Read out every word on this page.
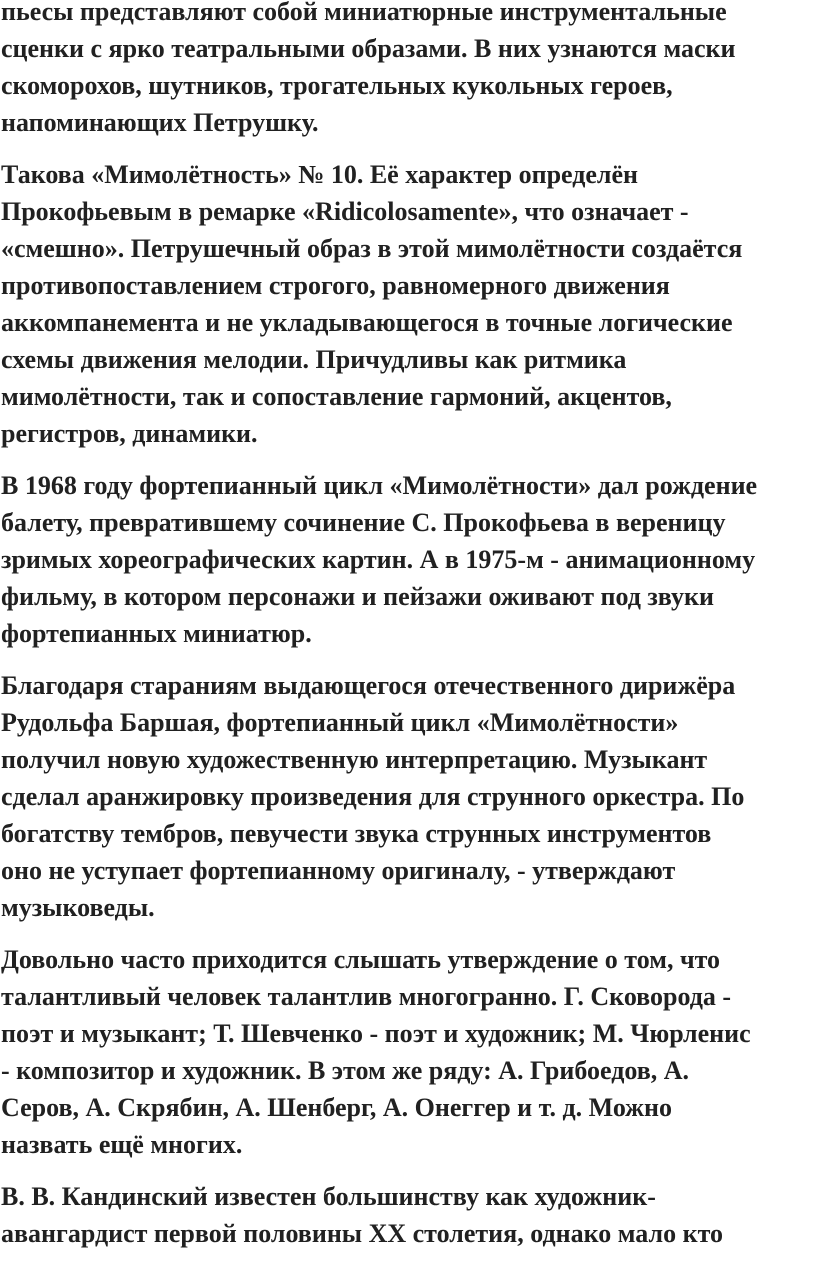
пьесы представляют собой миниатюрные инструментальные
сценки с ярко театральными образами. В них узнаются маски
скоморохов, шутников, трогательных кукольных героев,
напоминающих Петрушку.

Такова «Мимолётность» № 10. Её характер определён
Прокофьевым в ремарке «Ridicolosamente», что означает -
«смешно». Петрушечный образ в этой мимолётности создаётся
противопоставлением строгого, равномерного движения
аккомпанемента и не укладывающегося в точные логические
схемы движения мелодии. Причудливы как ритмика
мимолётности, так и сопоставление гармоний, акцентов,
регистров, динамики.

В 1968 году фортепианный цикл «Мимолётности» дал рождение
балету, превратившему сочинение С. Прокофьева в вереницу
зримых хореографических картин. А в 1975-м - анимационному
фильму, в котором персонажи и пейзажи оживают под звуки
фортепианных миниатюр.

Благодаря стараниям выдающегося отечественного дирижёра
Рудольфа Баршая, фортепианный цикл «Мимолётности»
получил новую художественную интерпретацию. Музыкант
сделал аранжировку произведения для струнного оркестра. По
богатству тембров, певучести звука струнных инструментов
оно не уступает фортепианному оригиналу, - утверждают
музыковеды.

Довольно часто приходится слышать утверждение о том, что
талантливый человек талантлив многогранно. Г. Сковорода -
поэт и музыкант; Т. Шевченко - поэт и художник; М. Чюрленис
- композитор и художник. В этом же ряду: А. Грибоедов, А.
Серов, А. Скрябин, А. Шенберг, А. Онеггер и т. д. Можно
назвать ещё многих.

В. В. Кандинский известен большинству как художник-
авангардист первой половины XX столетия, однако мало кто
